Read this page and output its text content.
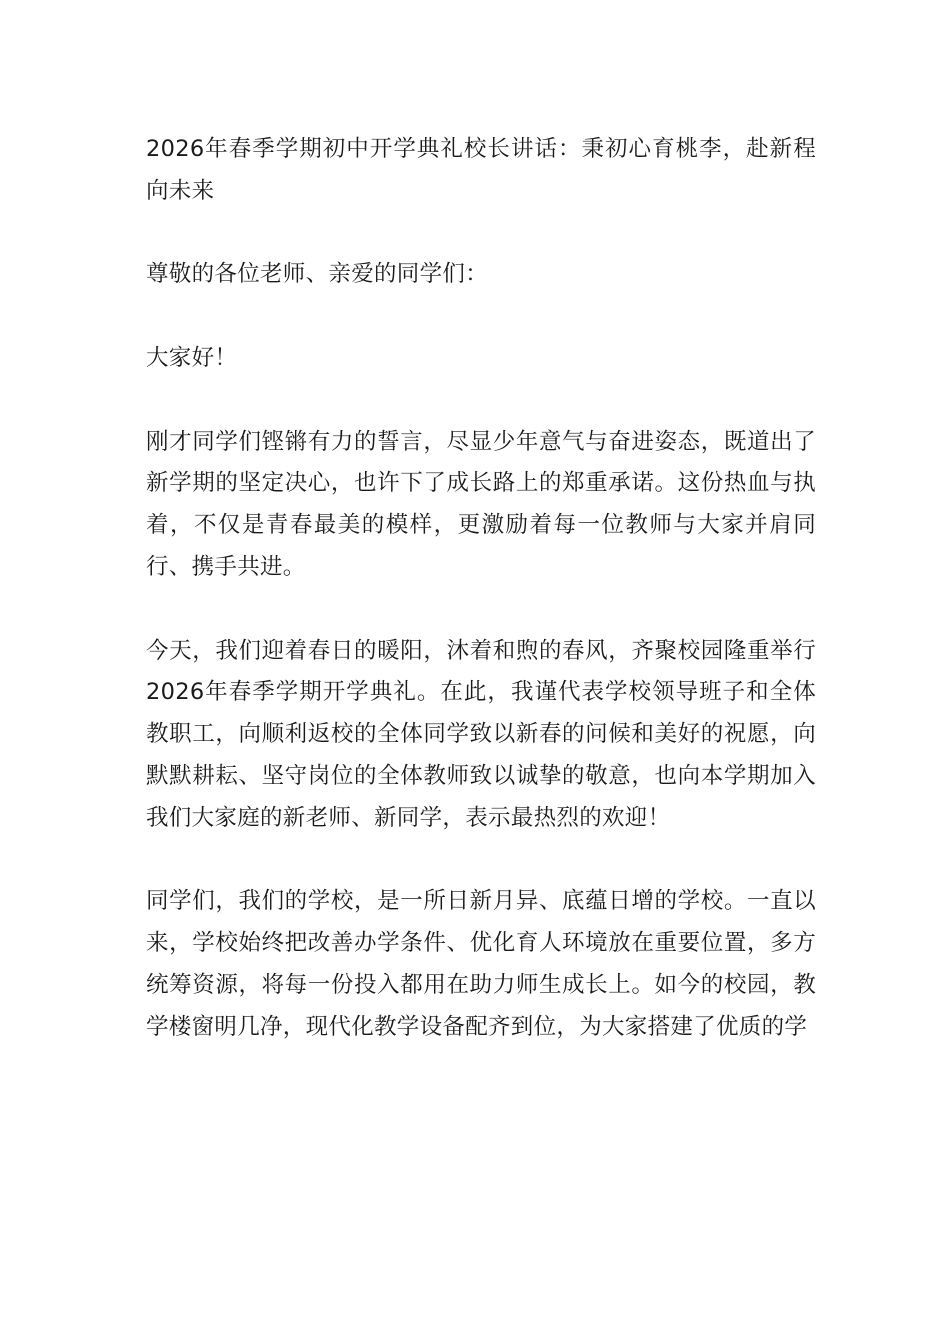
2026年春季学期初中开学典礼校长讲话：秉初心育桃李，赴新程向未来

尊敬的各位老师、亲爱的同学们：

大家好！

刚才同学们铿锵有力的誓言，尽显少年意气与奋进姿态，既道出了新学期的坚定决心，也许下了成长路上的郑重承诺。这份热血与执着，不仅是青春最美的模样，更激励着每一位教师与大家并肩同行、携手共进。

今天，我们迎着春日的暖阳，沐着和煦的春风，齐聚校园隆重举行2026年春季学期开学典礼。在此，我谨代表学校领导班子和全体教职工，向顺利返校的全体同学致以新春的问候和美好的祝愿，向默默耕耘、坚守岗位的全体教师致以诚挚的敬意，也向本学期加入我们大家庭的新老师、新同学，表示最热烈的欢迎！

同学们，我们的学校，是一所日新月异、底蕴日增的学校。一直以来，学校始终把改善办学条件、优化育人环境放在重要位置，多方统筹资源，将每一份投入都用在助力师生成长上。如今的校园，教学楼窗明几净，现代化教学设备配齐到位，为大家搭建了优质的学
